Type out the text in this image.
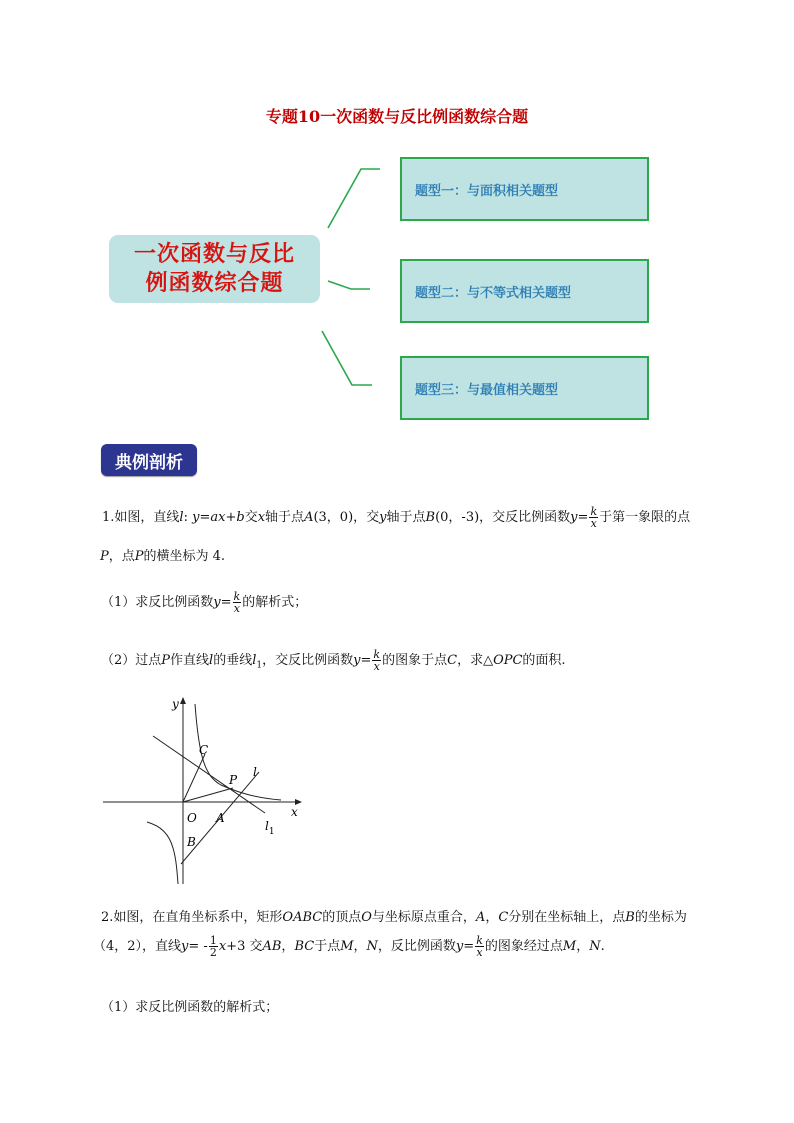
专题10一次函数与反比例函数综合题
一次函数与反比
例函数综合题
题型一：与面积相关题型
题型二：与不等式相关题型
题型三：与最值相关题型
典例剖析
1.如图，直线l: y=ax+b交x轴于点A(3，0)，交y轴于点B(0，-3)，交反比例函数$y= \frac{k}{x}$ 于第一象限的点
P，点P的横坐标为 4.
（1）求反比例函数$y= \frac{k}{x}$ 的解析式；
（2）过点P作直线l的垂线$l_1$，交反比例函数$y= \frac{k}{x}$ 的图象于点C，求△OPC的面积.
y
x
C
P
l
O A
B
$l_1$
2.如图，在直角坐标系中，矩形OABC的顶点O与坐标原点重合，A，C分别在坐标轴上，点B的坐标为
（4，2），直线$y= - \frac{1}{2} x+3$ 交AB，BC于点M，N，反比例函数$y= \frac{k}{x}$ 的图象经过点M，N.
（1）求反比例函数的解析式；
